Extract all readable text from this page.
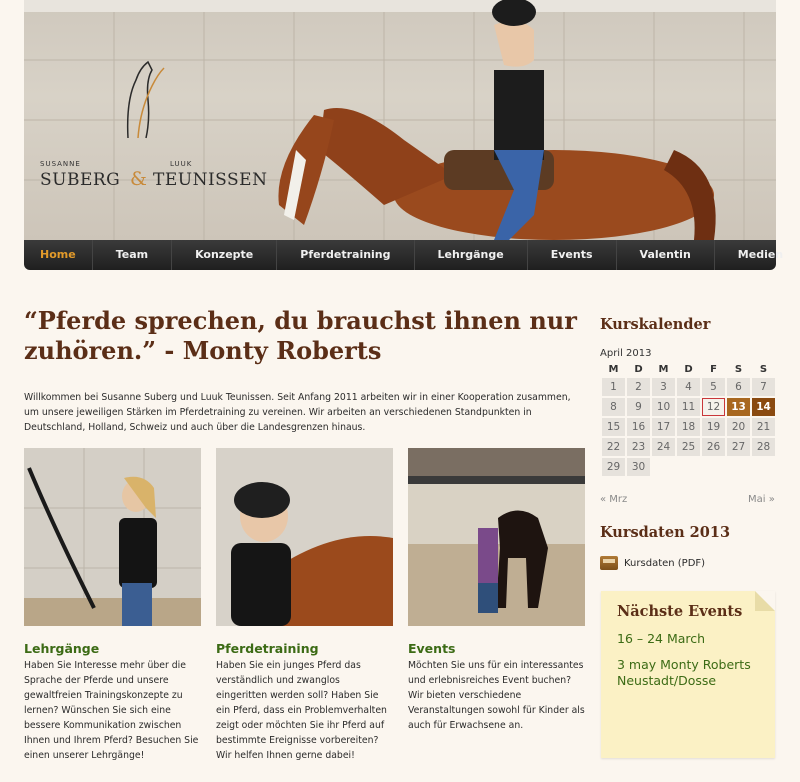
SUSANNE	LUUK
SUBERG & TEUNISSEN
Home	Team	Konzepte	Pferdetraining	Lehrgänge	Events	Valentin	Medien
“Pferde sprechen, du brauchst ihnen nur zuhören.” - Monty Roberts

Willkommen bei Susanne Suberg und Luuk Teunissen. Seit Anfang 2011 arbeiten wir in einer Kooperation zusammen, um unsere jeweiligen Stärken im Pferdetraining zu vereinen. Wir arbeiten an verschiedenen Standpunkten in Deutschland, Holland, Schweiz und auch über die Landesgrenzen hinaus.

Lehrgänge

Haben Sie Interesse mehr über die Sprache der Pferde und unsere gewaltfreien Trainingskonzepte zu lernen? Wünschen Sie sich eine bessere Kommunikation zwischen Ihnen und Ihrem Pferd? Besuchen Sie einen unserer Lehrgänge!

Pferdetraining

Haben Sie ein junges Pferd das verständlich und zwanglos eingeritten werden soll? Haben Sie ein Pferd, dass ein Problemverhalten zeigt oder möchten Sie ihr Pferd auf bestimmte Ereignisse vorbereiten? Wir helfen Ihnen gerne dabei!

Events

Möchten Sie uns für ein interessantes und erlebnisreiches Event buchen? Wir bieten verschiedene Veranstaltungen sowohl für Kinder als auch für Erwachsene an.

Kurskalender
April 2013
M	D	M	D	F	S	S
1	2	3	4	5	6	7
8	9	10	11	12	13	14
15	16	17	18	19	20	21
22	23	24	25	26	27	28
29	30					
« Mrz	Mai »
Kursdaten 2013
Kursdaten (PDF)
Nächste Events
16 – 24 March
3 may Monty Roberts Neustadt/Dosse
